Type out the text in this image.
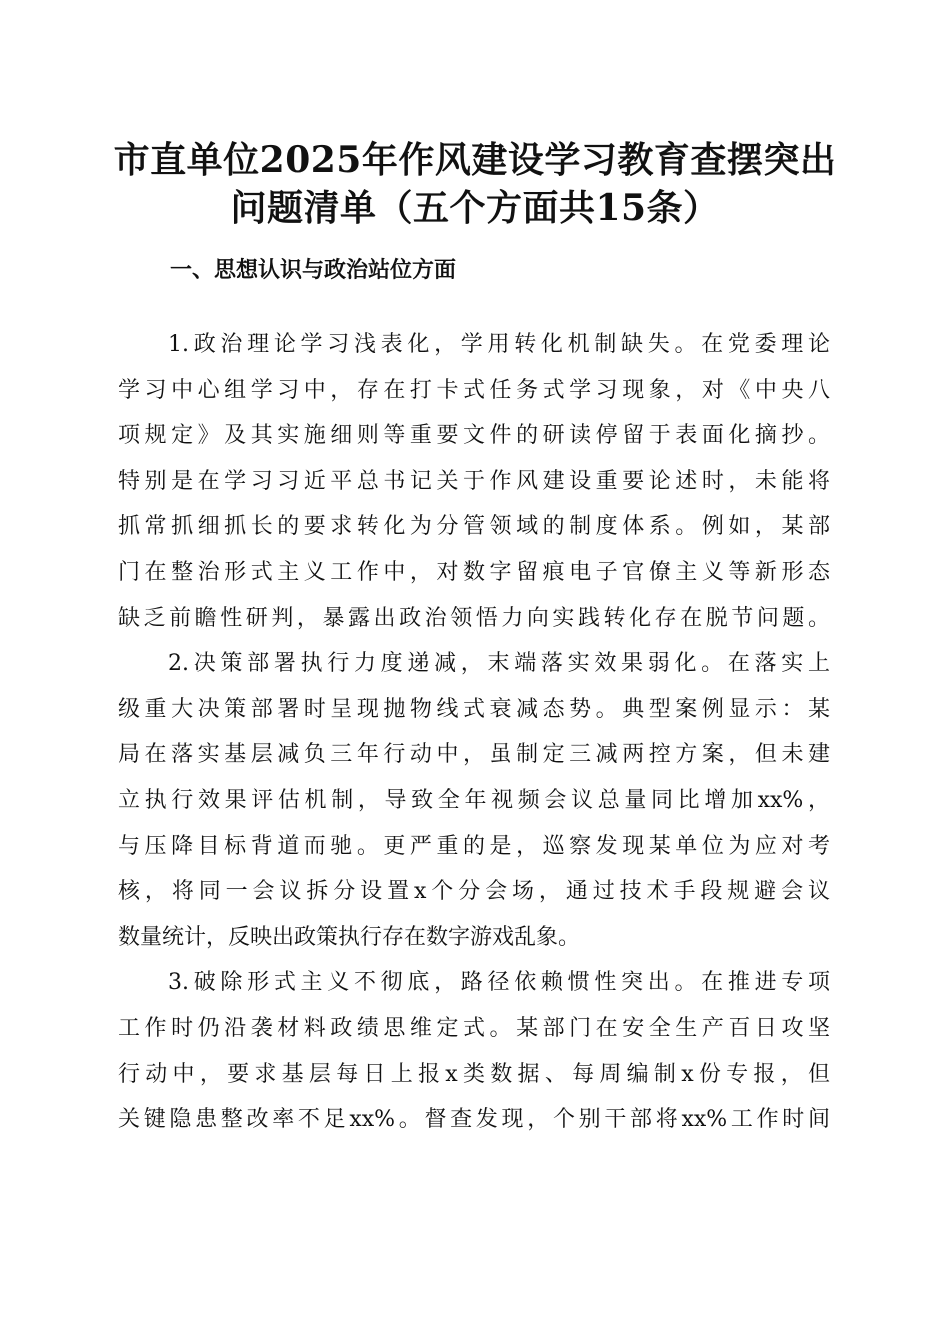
市直单位2025年作风建设学习教育查摆突出
问题清单（五个方面共15条）
一、思想认识与政治站位方面

1.政治理论学习浅表化，学用转化机制缺失。在党委理论
学习中心组学习中，存在打卡式任务式学习现象，对《中央八
项规定》及其实施细则等重要文件的研读停留于表面化摘抄。
特别是在学习习近平总书记关于作风建设重要论述时，未能将
抓常抓细抓长的要求转化为分管领域的制度体系。例如，某部
门在整治形式主义工作中，对数字留痕电子官僚主义等新形态
缺乏前瞻性研判，暴露出政治领悟力向实践转化存在脱节问题。

2.决策部署执行力度递减，末端落实效果弱化。在落实上
级重大决策部署时呈现抛物线式衰减态势。典型案例显示：某
局在落实基层减负三年行动中，虽制定三减两控方案，但未建
立执行效果评估机制，导致全年视频会议总量同比增加xx%，
与压降目标背道而驰。更严重的是，巡察发现某单位为应对考
核，将同一会议拆分设置x个分会场，通过技术手段规避会议
数量统计，反映出政策执行存在数字游戏乱象。

3.破除形式主义不彻底，路径依赖惯性突出。在推进专项
工作时仍沿袭材料政绩思维定式。某部门在安全生产百日攻坚
行动中，要求基层每日上报x类数据、每周编制x份专报，但
关键隐患整改率不足xx%。督查发现，个别干部将xx%工作时间
